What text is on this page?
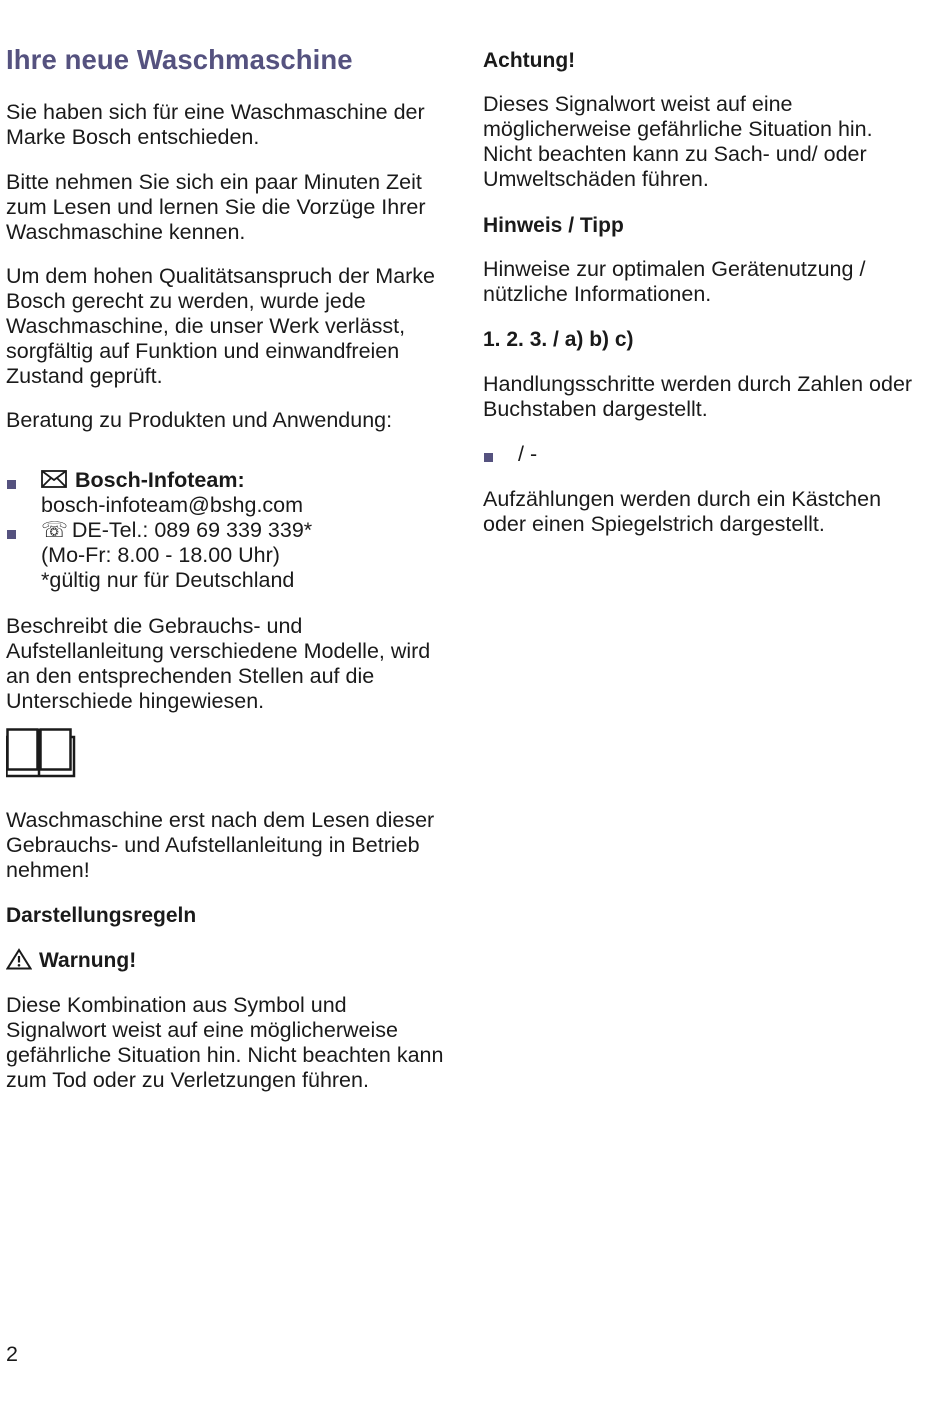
Ihre neue Waschmaschine

Sie haben sich für eine Waschmaschine der Marke Bosch entschieden.

Bitte nehmen Sie sich ein paar Minuten Zeit zum Lesen und lernen Sie die Vorzüge Ihrer Waschmaschine kennen.

Um dem hohen Qualitätsanspruch der Marke Bosch gerecht zu werden, wurde jede Waschmaschine, die unser Werk verlässt, sorgfältig auf Funktion und einwandfreien Zustand geprüft.

Beratung zu Produkten und Anwendung:

Bosch-Infoteam:
bosch-infoteam@bshg.com

☏ DE-Tel.: 089 69 339 339*
(Mo-Fr: 8.00 - 18.00 Uhr)
*gültig nur für Deutschland

Beschreibt die Gebrauchs- und Aufstellanleitung verschiedene Modelle, wird an den entsprechenden Stellen auf die Unterschiede hingewiesen.

Waschmaschine erst nach dem Lesen dieser Gebrauchs- und Aufstellanleitung in Betrieb nehmen!

Darstellungsregeln

Warnung!

Diese Kombination aus Symbol und Signalwort weist auf eine möglicherweise gefährliche Situation hin. Nicht beachten kann zum Tod oder zu Verletzungen führen.

Achtung!

Dieses Signalwort weist auf eine möglicherweise gefährliche Situation hin. Nicht beachten kann zu Sach- und/ oder Umweltschäden führen.

Hinweis / Tipp

Hinweise zur optimalen Gerätenutzung / nützliche Informationen.

1. 2. 3. / a) b) c)

Handlungsschritte werden durch Zahlen oder Buchstaben dargestellt.

/ -

Aufzählungen werden durch ein Kästchen oder einen Spiegelstrich dargestellt.

2
